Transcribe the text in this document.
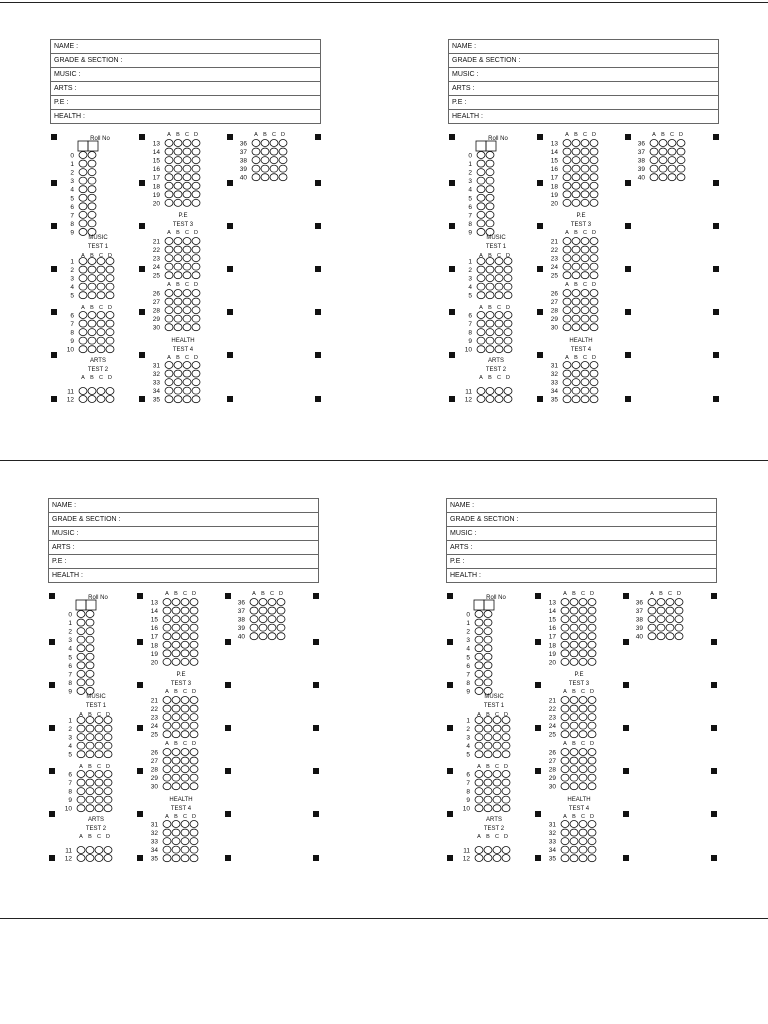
NAME :
GRADE & SECTION :
MUSIC :
ARTS :
P.E :
HEALTH :
Roll No
0
1
2
3
4
5
6
7
8
9
MUSIC
TEST 1
A B C D
1
2
3
4
5
A B C D
6
7
8
9
10
ARTS
TEST 2
A B C D
11
12
A B C D
13
14
15
16
17
18
19
20
P.E
TEST 3
A B C D
21
22
23
24
25
A B C D
26
27
28
29
30
HEALTH
TEST 4
A B C D
31
32
33
34
35
A B C D
36
37
38
39
40
NAME :
GRADE & SECTION :
MUSIC :
ARTS :
P.E :
HEALTH :
Roll No
0
1
2
3
4
5
6
7
8
9
MUSIC
TEST 1
A B C D
1
2
3
4
5
A B C D
6
7
8
9
10
ARTS
TEST 2
A B C D
11
12
A B C D
13
14
15
16
17
18
19
20
P.E
TEST 3
A B C D
21
22
23
24
25
A B C D
26
27
28
29
30
HEALTH
TEST 4
A B C D
31
32
33
34
35
A B C D
36
37
38
39
40
NAME :
GRADE & SECTION :
MUSIC :
ARTS :
P.E :
HEALTH :
Roll No
0
1
2
3
4
5
6
7
8
9
MUSIC
TEST 1
A B C D
1
2
3
4
5
A B C D
6
7
8
9
10
ARTS
TEST 2
A B C D
11
12
A B C D
13
14
15
16
17
18
19
20
P.E
TEST 3
A B C D
21
22
23
24
25
A B C D
26
27
28
29
30
HEALTH
TEST 4
A B C D
31
32
33
34
35
A B C D
36
37
38
39
40
NAME :
GRADE & SECTION :
MUSIC :
ARTS :
P.E :
HEALTH :
Roll No
0
1
2
3
4
5
6
7
8
9
MUSIC
TEST 1
A B C D
1
2
3
4
5
A B C D
6
7
8
9
10
ARTS
TEST 2
A B C D
11
12
A B C D
13
14
15
16
17
18
19
20
P.E
TEST 3
A B C D
21
22
23
24
25
A B C D
26
27
28
29
30
HEALTH
TEST 4
A B C D
31
32
33
34
35
A B C D
36
37
38
39
40
